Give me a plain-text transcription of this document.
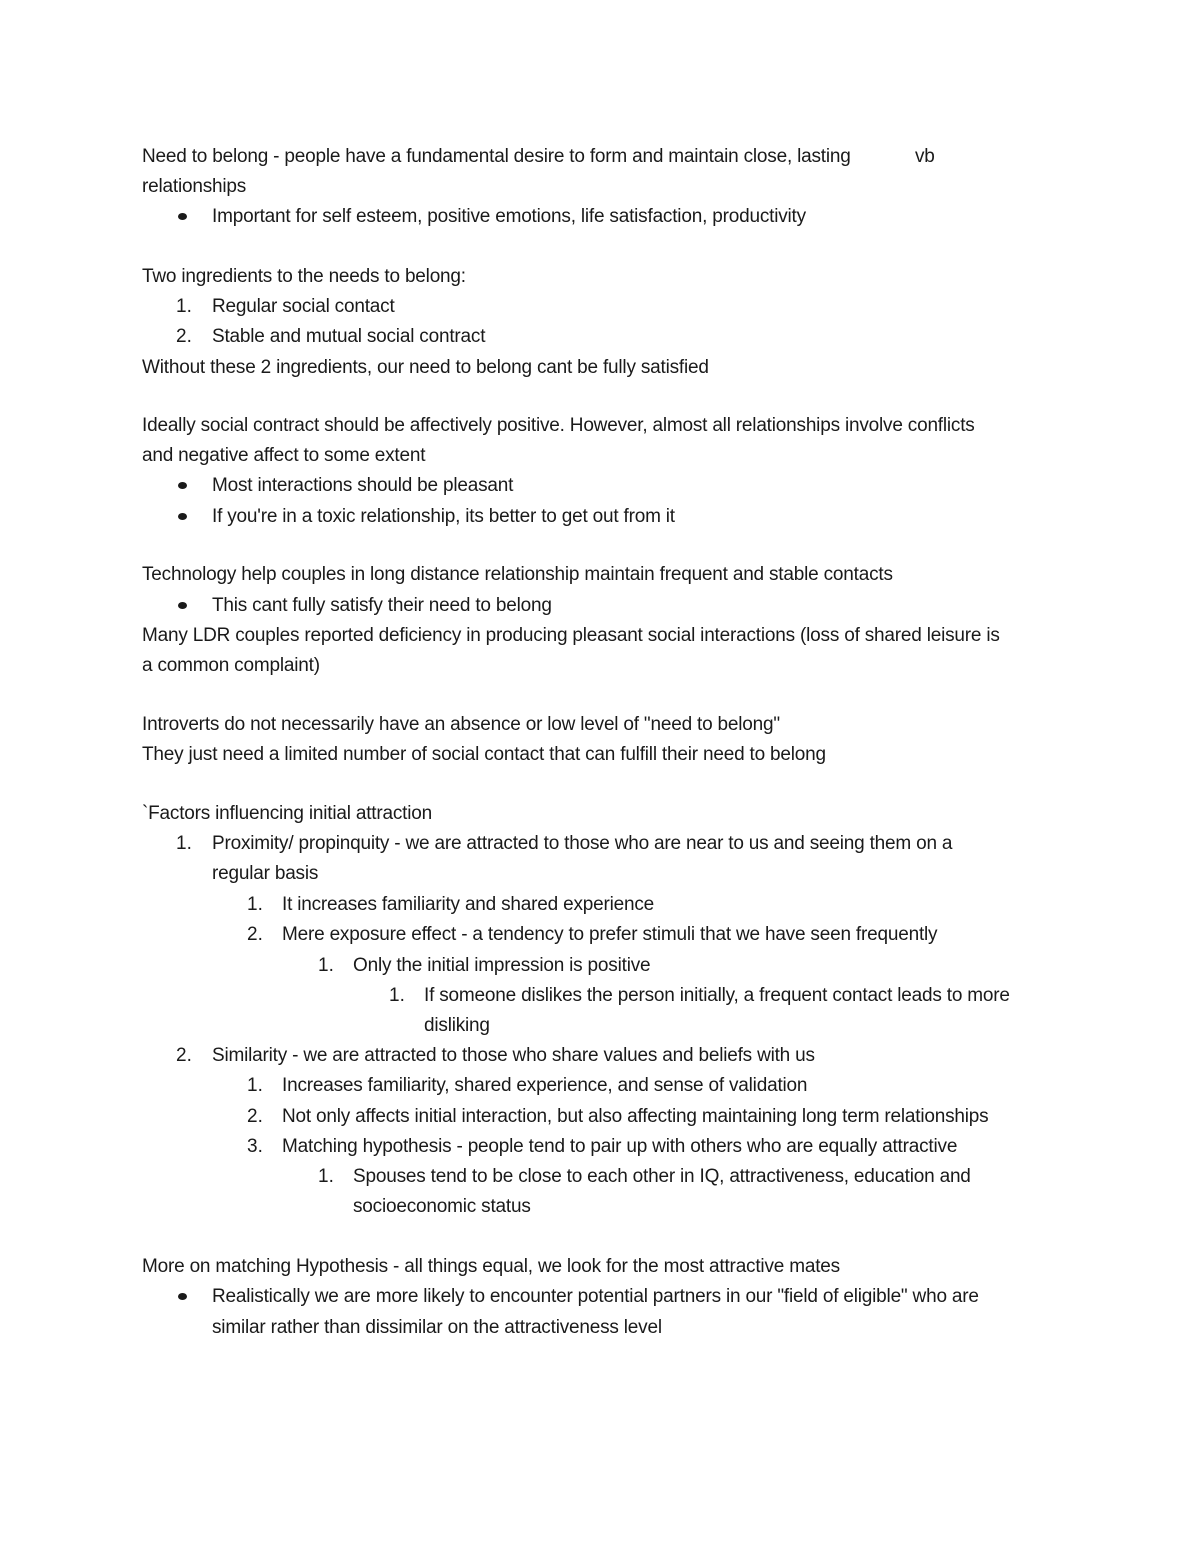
Need to belong - people have a fundamental desire to form and maintain close, lasting	vb
relationships
Important for self esteem, positive emotions, life satisfaction, productivity
Two ingredients to the needs to belong:
1. Regular social contact
2. Stable and mutual social contract
Without these 2 ingredients, our need to belong cant be fully satisfied
Ideally social contract should be affectively positive. However, almost all relationships involve conflicts
and negative affect to some extent
Most interactions should be pleasant
If you're in a toxic relationship, its better to get out from it
Technology help couples in long distance relationship maintain frequent and stable contacts
This cant fully satisfy their need to belong
Many LDR couples reported deficiency in producing pleasant social interactions (loss of shared leisure is
a common complaint)
Introverts do not necessarily have an absence or low level of "need to belong"
They just need a limited number of social contact that can fulfill their need to belong
`Factors influencing initial attraction
1. Proximity/ propinquity - we are attracted to those who are near to us and seeing them on a
regular basis
1. It increases familiarity and shared experience
2. Mere exposure effect - a tendency to prefer stimuli that we have seen frequently
1. Only the initial impression is positive
1. If someone dislikes the person initially, a frequent contact leads to more
disliking
2. Similarity - we are attracted to those who share values and beliefs with us
1. Increases familiarity, shared experience, and sense of validation
2. Not only affects initial interaction, but also affecting maintaining long term relationships
3. Matching hypothesis - people tend to pair up with others who are equally attractive
1. Spouses tend to be close to each other in IQ, attractiveness, education and
socioeconomic status
More on matching Hypothesis - all things equal, we look for the most attractive mates
Realistically we are more likely to encounter potential partners in our "field of eligible" who are
similar rather than dissimilar on the attractiveness level
